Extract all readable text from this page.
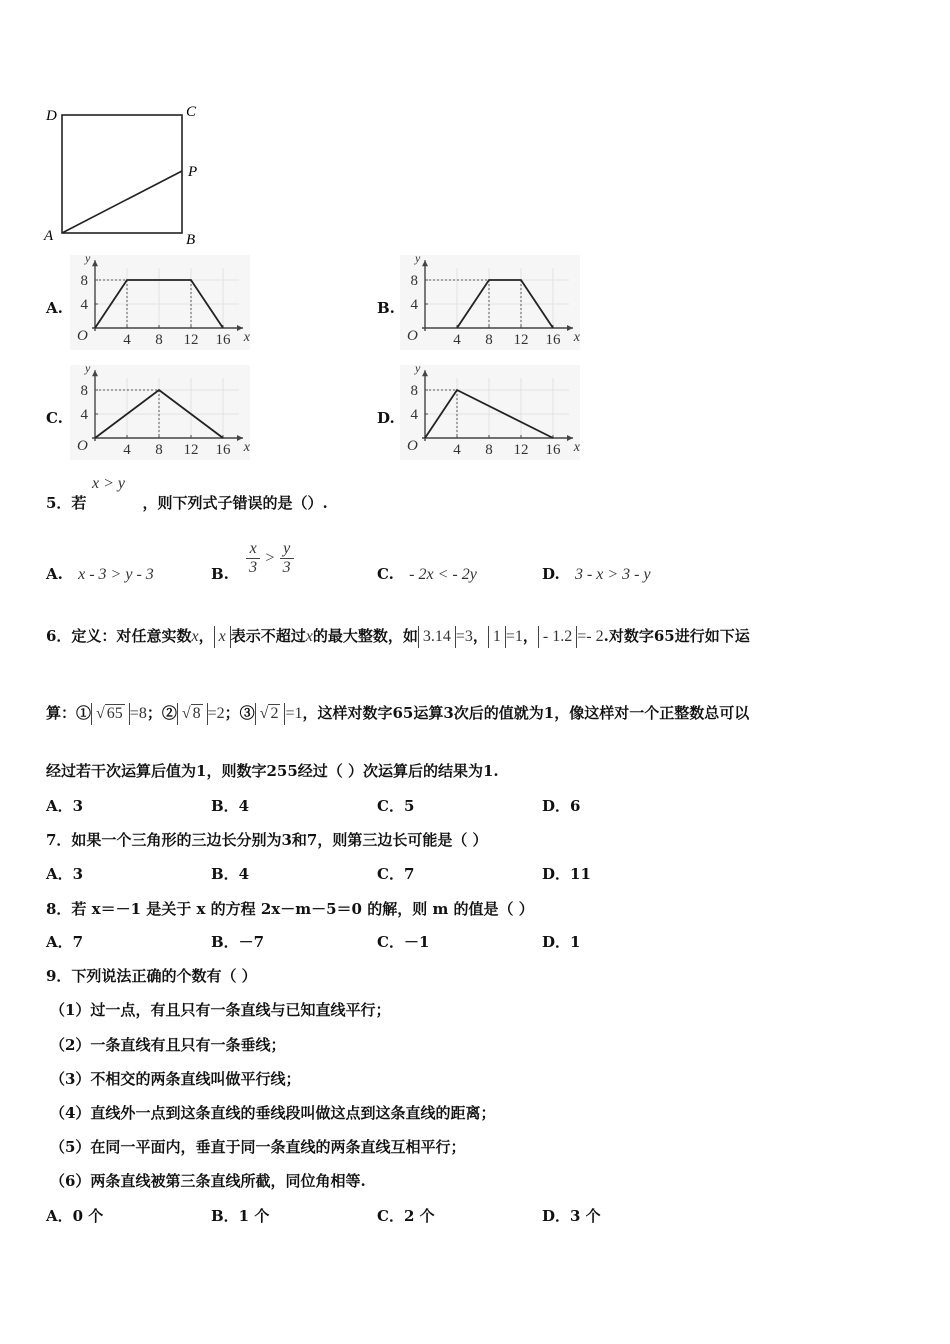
D	C
P
A	B
A.	B.
C.	D.
y
x
O 4 8 12 16
8
4
y
x
O 4 8 12 16
8
4
y
x
O 4 8 12 16
8
4
y
x
O 4 8 12 16
8
4
x > y
5．若	，则下列式子错误的是（）.
A. x - 3 > y - 3	B. $\frac{x}{3} > \frac{y}{3}$	C. - 2x < - 2y	D. 3 - x > 3 - y
6．定义：对任意实数x， x 表示不超过x的最大整数，如 3.14 =3， 1 =1， - 1.2 =- 2.对数字65进行如下运
算：① √ 65 =8；② √ 8 =2；③ √ 2 =1，这样对数字65运算3次后的值就为1，像这样对一个正整数总可以
经过若干次运算后值为1，则数字255经过（ ）次运算后的结果为1.
A．3	B．4	C．5	D．6
7．如果一个三角形的三边长分别为3和7，则第三边长可能是（ ）
A．3	B．4	C．7	D．11
8．若 x＝－1 是关于 x 的方程 2x－m－5＝0 的解，则 m 的值是（ ）
A．7	B．－7	C．－1	D．1
9．下列说法正确的个数有（ ）
（1）过一点，有且只有一条直线与已知直线平行；
（2）一条直线有且只有一条垂线；
（3）不相交的两条直线叫做平行线；
（4）直线外一点到这条直线的垂线段叫做这点到这条直线的距离；
（5）在同一平面内，垂直于同一条直线的两条直线互相平行；
（6）两条直线被第三条直线所截，同位角相等.
A．0 个	B．1 个	C．2 个	D．3 个
